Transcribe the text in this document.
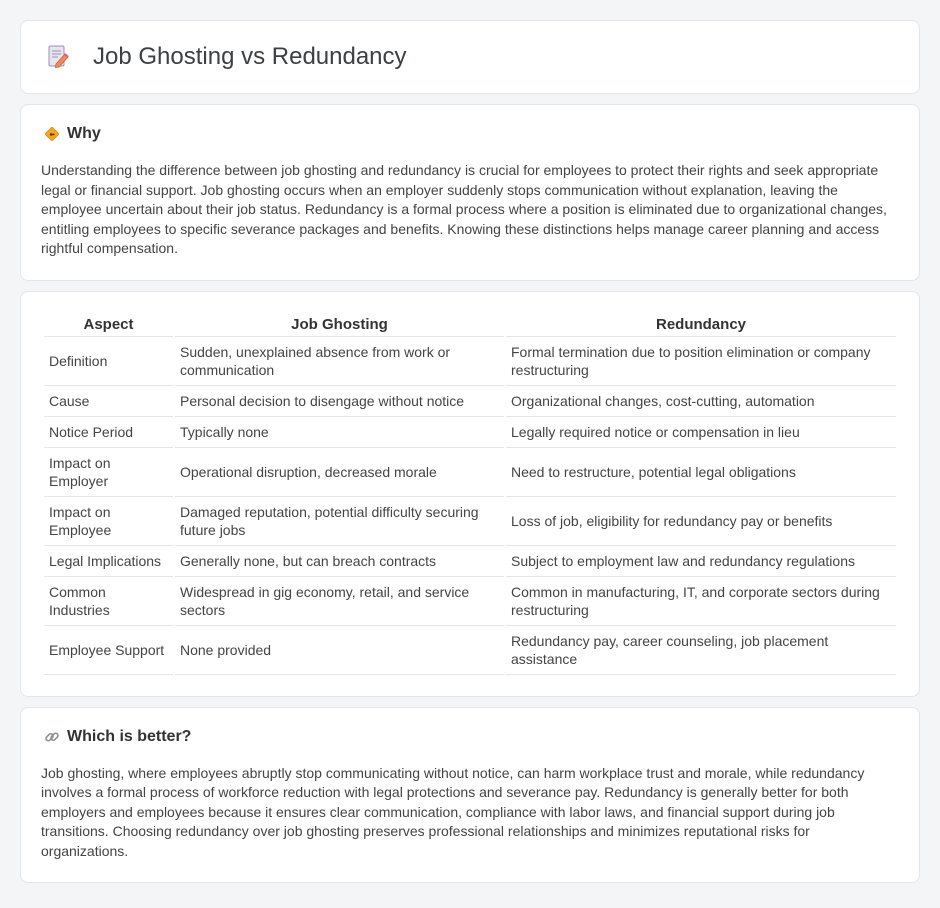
Job Ghosting vs Redundancy
Why

Understanding the difference between job ghosting and redundancy is crucial for employees to protect their rights and seek appropriate legal or financial support. Job ghosting occurs when an employer suddenly stops communication without explanation, leaving the employee uncertain about their job status. Redundancy is a formal process where a position is eliminated due to organizational changes, entitling employees to specific severance packages and benefits. Knowing these distinctions helps manage career planning and access rightful compensation.

Aspect	Job Ghosting	Redundancy
Definition	Sudden, unexplained absence from work or communication	Formal termination due to position elimination or company restructuring
Cause	Personal decision to disengage without notice	Organizational changes, cost-cutting, automation
Notice Period	Typically none	Legally required notice or compensation in lieu
Impact on Employer	Operational disruption, decreased morale	Need to restructure, potential legal obligations
Impact on Employee	Damaged reputation, potential difficulty securing future jobs	Loss of job, eligibility for redundancy pay or benefits
Legal Implications	Generally none, but can breach contracts	Subject to employment law and redundancy regulations
Common Industries	Widespread in gig economy, retail, and service sectors	Common in manufacturing, IT, and corporate sectors during restructuring
Employee Support	None provided	Redundancy pay, career counseling, job placement assistance
Which is better?

Job ghosting, where employees abruptly stop communicating without notice, can harm workplace trust and morale, while redundancy involves a formal process of workforce reduction with legal protections and severance pay. Redundancy is generally better for both employers and employees because it ensures clear communication, compliance with labor laws, and financial support during job transitions. Choosing redundancy over job ghosting preserves professional relationships and minimizes reputational risks for organizations.
